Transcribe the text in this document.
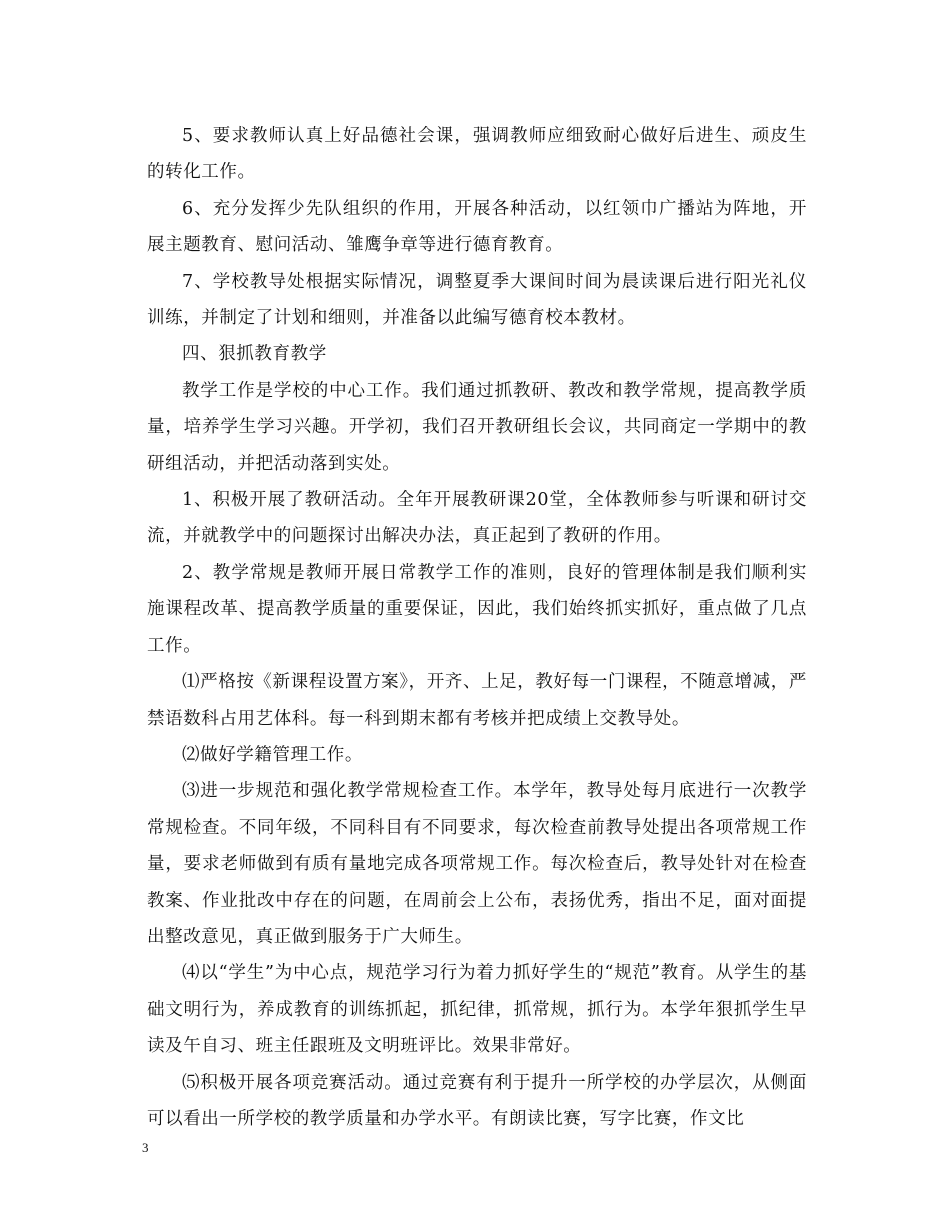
5、要求教师认真上好品德社会课，强调教师应细致耐心做好后进生、顽皮生的转化工作。

6、充分发挥少先队组织的作用，开展各种活动，以红领巾广播站为阵地，开展主题教育、慰问活动、雏鹰争章等进行德育教育。

7、学校教导处根据实际情况，调整夏季大课间时间为晨读课后进行阳光礼仪训练，并制定了计划和细则，并准备以此编写德育校本教材。

四、狠抓教育教学

教学工作是学校的中心工作。我们通过抓教研、教改和教学常规，提高教学质量，培养学生学习兴趣。开学初，我们召开教研组长会议，共同商定一学期中的教研组活动，并把活动落到实处。

1、积极开展了教研活动。全年开展教研课20堂，全体教师参与听课和研讨交流，并就教学中的问题探讨出解决办法，真正起到了教研的作用。

2、教学常规是教师开展日常教学工作的准则，良好的管理体制是我们顺利实施课程改革、提高教学质量的重要保证，因此，我们始终抓实抓好，重点做了几点工作。

⑴严格按《新课程设置方案》，开齐、上足，教好每一门课程，不随意增减，严禁语数科占用艺体科。每一科到期末都有考核并把成绩上交教导处。

⑵做好学籍管理工作。

⑶进一步规范和强化教学常规检查工作。本学年，教导处每月底进行一次教学常规检查。不同年级，不同科目有不同要求，每次检查前教导处提出各项常规工作量，要求老师做到有质有量地完成各项常规工作。每次检查后，教导处针对在检查教案、作业批改中存在的问题，在周前会上公布，表扬优秀，指出不足，面对面提出整改意见，真正做到服务于广大师生。

⑷以“学生”为中心点，规范学习行为着力抓好学生的“规范”教育。从学生的基础文明行为，养成教育的训练抓起，抓纪律，抓常规，抓行为。本学年狠抓学生早读及午自习、班主任跟班及文明班评比。效果非常好。

⑸积极开展各项竞赛活动。通过竞赛有利于提升一所学校的办学层次，从侧面可以看出一所学校的教学质量和办学水平。有朗读比赛，写字比赛，作文比

3
